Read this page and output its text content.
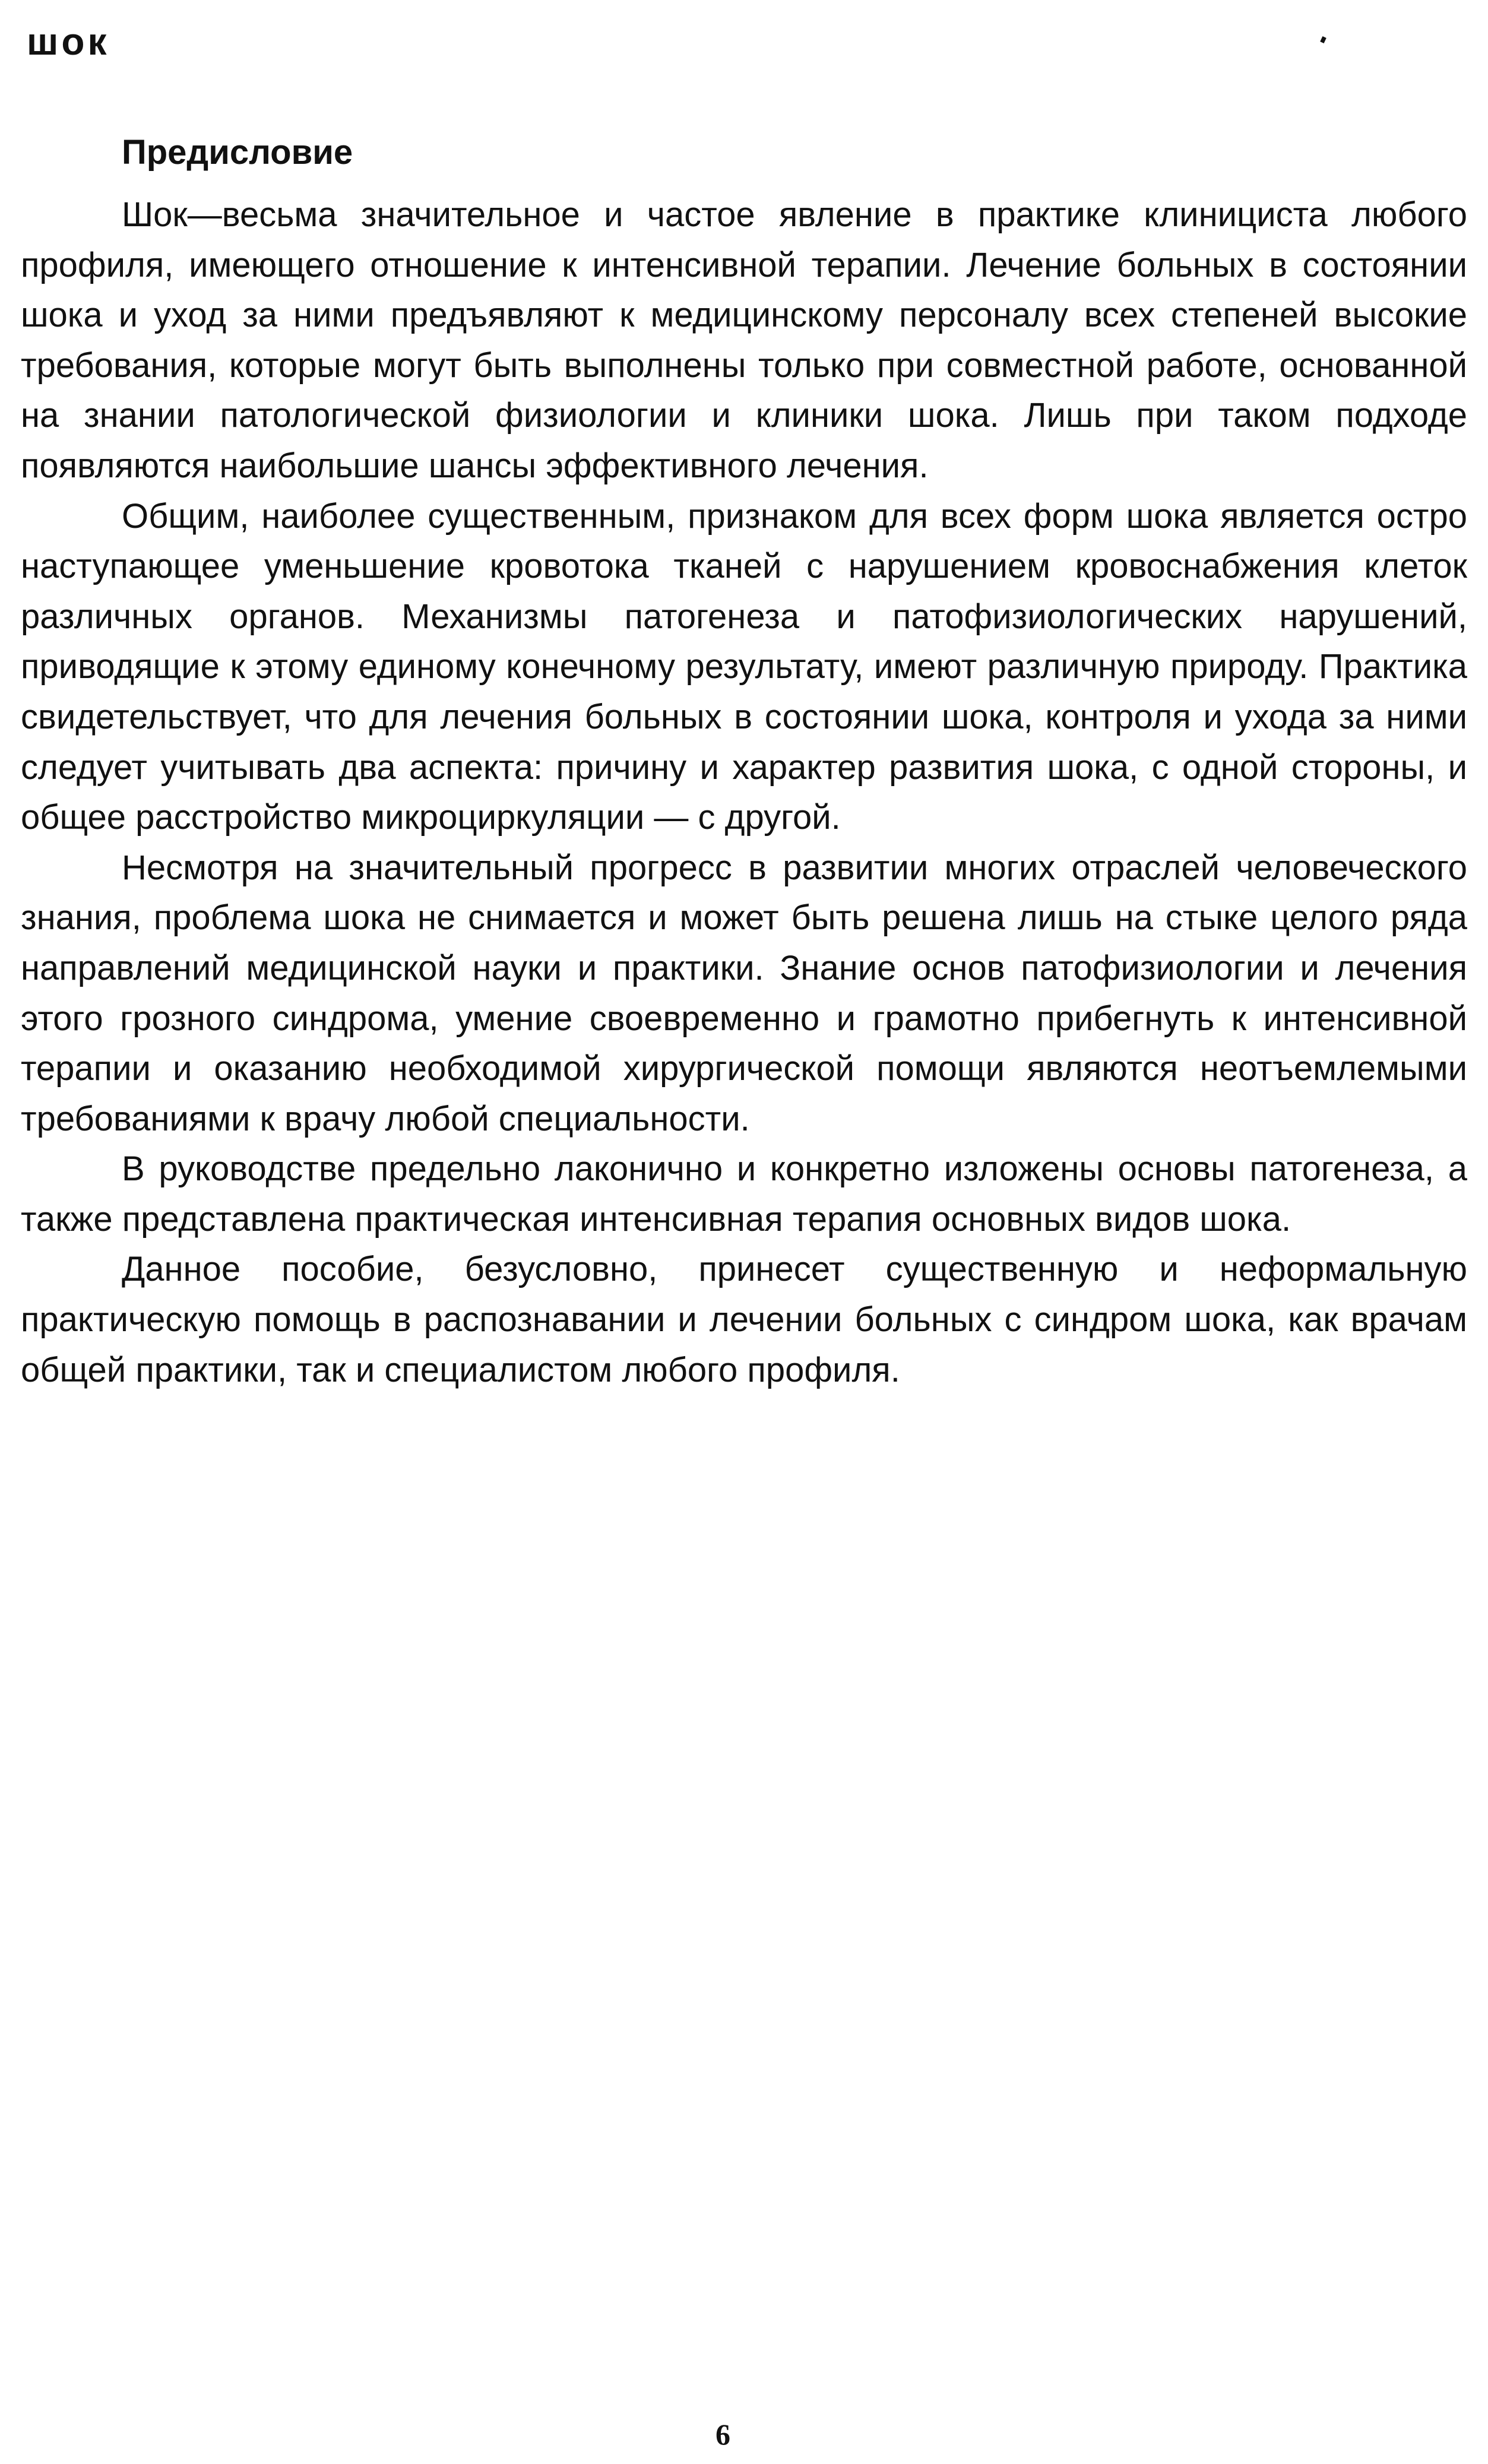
шок
Предисловие

Шок—весьма значительное и частое явление в практике клинициста любого профиля, имеющего отношение к интенсивной терапии. Лечение больных в состоянии шока и уход за ними предъявляют к медицинскому персоналу всех степеней высокие требования, которые могут быть выполнены только при совместной работе, основанной на знании патологической физиологии и клиники шока. Лишь при таком подходе появляются наибольшие шансы эффективного лечения.

Общим, наиболее существенным, признаком для всех форм шока является остро наступающее уменьшение кровотока тканей с нарушением кровоснабжения клеток различных органов. Механизмы патогенеза и патофизиологических нарушений, приводящие к этому единому конечному результату, имеют различную природу. Практика свидетельствует, что для лечения больных в состоянии шока, контроля и ухода за ними следует учитывать два аспекта: причину и характер развития шока, с одной стороны, и общее расстройство микроциркуляции — с другой.

Несмотря на значительный прогресс в развитии многих отраслей человеческого знания, проблема шока не снимается и может быть решена лишь на стыке целого ряда направлений медицинской науки и практики. Знание основ патофизиологии и лечения этого грозного синдрома, умение своевременно и грамотно прибегнуть к интенсивной терапии и оказанию необходимой хирургической помощи являются неотъемлемыми требованиями к врачу любой специальности.

В руководстве предельно лаконично и конкретно изложены основы патогенеза, а также представлена практическая интенсивная терапия основных видов шока.

Данное пособие, безусловно, принесет существенную и неформальную практическую помощь в распознавании и лечении больных с синдром шока, как врачам общей практики, так и специалистом любого профиля.

6
